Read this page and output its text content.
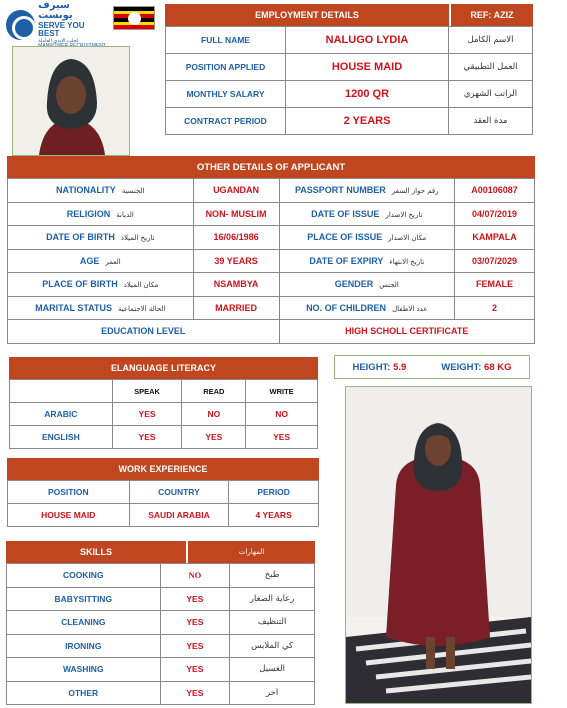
سيرف يوبست
SERVE YOU BEST
لجلب الايدي العاملة
EMPLOYMENT DETAILS	REF: AZIZ
FULL NAME	NALUGO LYDIA	الاسم الكامل
POSITION APPLIED	HOUSE MAID	العمل التطبيقي
MONTHLY SALARY	1200 QR	الراتب الشهري
CONTRACT PERIOD	2 YEARS	مدة العقد
OTHER DETAILS OF APPLICANT
NATIONALITY الجنسية	UGANDAN	PASSPORT NUMBER رقم جواز السفر	A00106087
RELIGION الديانة	NON- MUSLIM	DATE OF ISSUE تاريخ الاصدار	04/07/2019
DATE OF BIRTH تاريخ الميلاد	16/06/1986	PLACE OF ISSUE مكان الاصدار	KAMPALA
AGE العمر	39 YEARS	DATE OF EXPIRY تاريخ الانتهاء	03/07/2029
PLACE OF BIRTH مكان الميلاد	NSAMBYA	GENDER الجنس	FEMALE
MARITAL STATUS الحالة الاجتماعية	MARRIED	NO. OF CHILDREN عدد الاطفال	2
EDUCATION LEVEL		HIGH SCHOLL CERTIFICATE	
ELANGUAGE LITERACY
	SPEAK	READ	WRITE
ARABIC	YES	NO	NO
ENGLISH	YES	YES	YES
HEIGHT: 5.9	WEIGHT: 68 KG
WORK EXPERIENCE
POSITION	COUNTRY	PERIOD
HOUSE MAID	SAUDI ARABIA	4 YEARS
SKILLS	المهارات
COOKING	NO	طبخ
BABYSITTING	YES	رعاية الصغار
CLEANING	YES	التنظيف
IRONING	YES	كي الملابس
WASHING	YES	الغسيل
OTHER	YES	اخر
